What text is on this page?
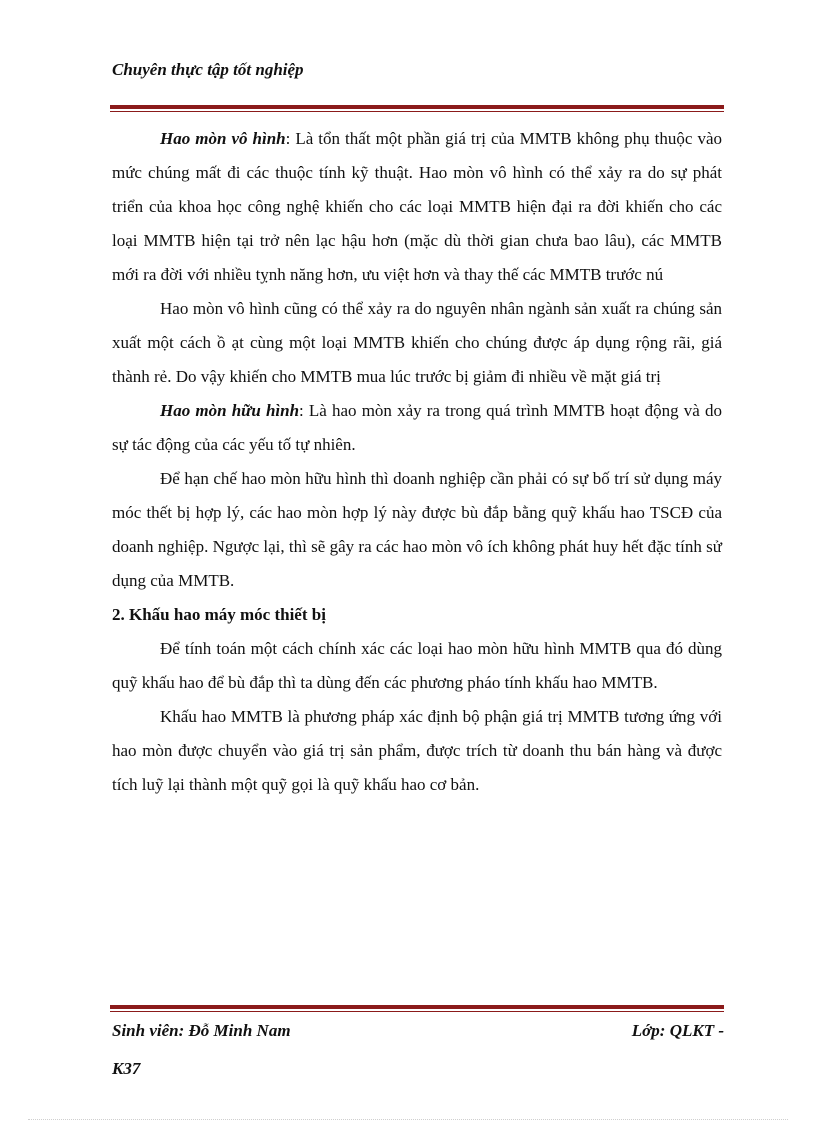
Chuyên thực tập tốt nghiệp

Hao mòn vô hình: Là tổn thất một phần giá trị của MMTB không phụ thuộc vào mức chúng mất đi các thuộc tính kỹ thuật. Hao mòn vô hình có thể xảy ra do sự phát triển của khoa học công nghệ khiến cho các loại MMTB hiện đại ra đời khiến cho các loại MMTB hiện tại trở nên lạc hậu hơn (mặc dù thời gian chưa bao lâu), các MMTB mới ra đời với nhiều tỵnh năng hơn, ưu việt hơn và thay thế các MMTB trước nú

Hao mòn vô hình cũng có thể xảy ra do nguyên nhân ngành sản xuất ra chúng sản xuất một cách ồ ạt cùng một loại MMTB khiến cho chúng được áp dụng rộng rãi, giá thành rẻ. Do vậy khiến cho MMTB mua lúc trước bị giảm đi nhiều về mặt giá trị

Hao mòn hữu hình: Là hao mòn xảy ra trong quá trình MMTB hoạt động và do sự tác động của các yếu tố tự nhiên.

Để hạn chế hao mòn hữu hình thì doanh nghiệp cần phải có sự bố trí sử dụng máy móc thết bị hợp lý, các hao mòn hợp lý này được bù đắp bằng quỹ khấu hao TSCĐ của doanh nghiệp. Ngược lại, thì sẽ gây ra các hao mòn vô ích không phát huy hết đặc tính sử dụng của MMTB.

2. Khấu hao máy móc thiết bị

Để tính toán một cách chính xác các loại hao mòn hữu hình MMTB qua đó dùng quỹ khấu hao để bù đắp thì ta dùng đến các phương pháo tính khấu hao MMTB.

Khấu hao MMTB là phương pháp xác định bộ phận giá trị MMTB tương ứng với hao mòn được chuyển vào giá trị sản phẩm, được trích từ doanh thu bán hàng và được tích luỹ lại thành một quỹ gọi là quỹ khấu hao cơ bản.

Sinh viên: Đỗ Minh Nam	Lớp: QLKT -
K37
